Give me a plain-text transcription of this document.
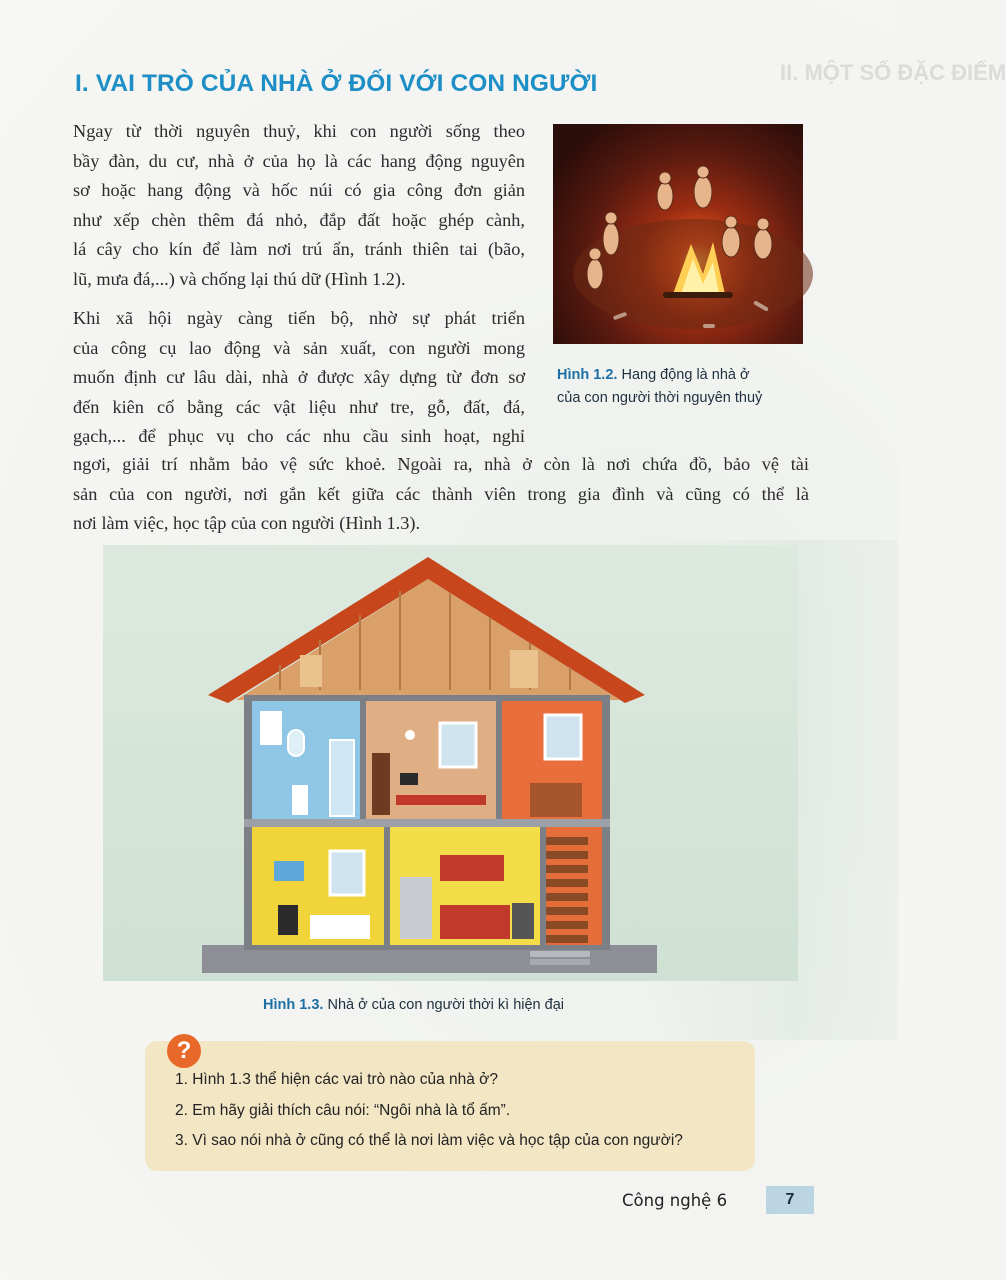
II. MỘT SỐ ĐẶC ĐIỂM
I. VAI TRÒ CỦA NHÀ Ở ĐỐI VỚI CON NGƯỜI

Ngay từ thời nguyên thuỷ, khi con người sống theo
bầy đàn, du cư, nhà ở của họ là các hang động nguyên
sơ hoặc hang động và hốc núi có gia công đơn giản
như xếp chèn thêm đá nhỏ, đắp đất hoặc ghép cành,
lá cây cho kín để làm nơi trú ẩn, tránh thiên tai (bão,
lũ, mưa đá,...) và chống lại thú dữ (Hình 1.2).

Khi xã hội ngày càng tiến bộ, nhờ sự phát triển
của công cụ lao động và sản xuất, con người mong
muốn định cư lâu dài, nhà ở được xây dựng từ đơn sơ
đến kiên cố bằng các vật liệu như tre, gỗ, đất, đá,
gạch,... để phục vụ cho các nhu cầu sinh hoạt, nghỉ

ngơi, giải trí nhằm bảo vệ sức khoẻ. Ngoài ra, nhà ở còn là nơi chứa đồ, bảo vệ tài
sản của con người, nơi gắn kết giữa các thành viên trong gia đình và cũng có thể là
nơi làm việc, học tập của con người (Hình 1.3).

Hình 1.2. Hang động là nhà ở
của con người thời nguyên thuỷ
Hình 1.3. Nhà ở của con người thời kì hiện đại
?
1. Hình 1.3 thể hiện các vai trò nào của nhà ở?
2. Em hãy giải thích câu nói: “Ngôi nhà là tổ ấm”.
3. Vì sao nói nhà ở cũng có thể là nơi làm việc và học tập của con người?
Công nghệ 6	7
